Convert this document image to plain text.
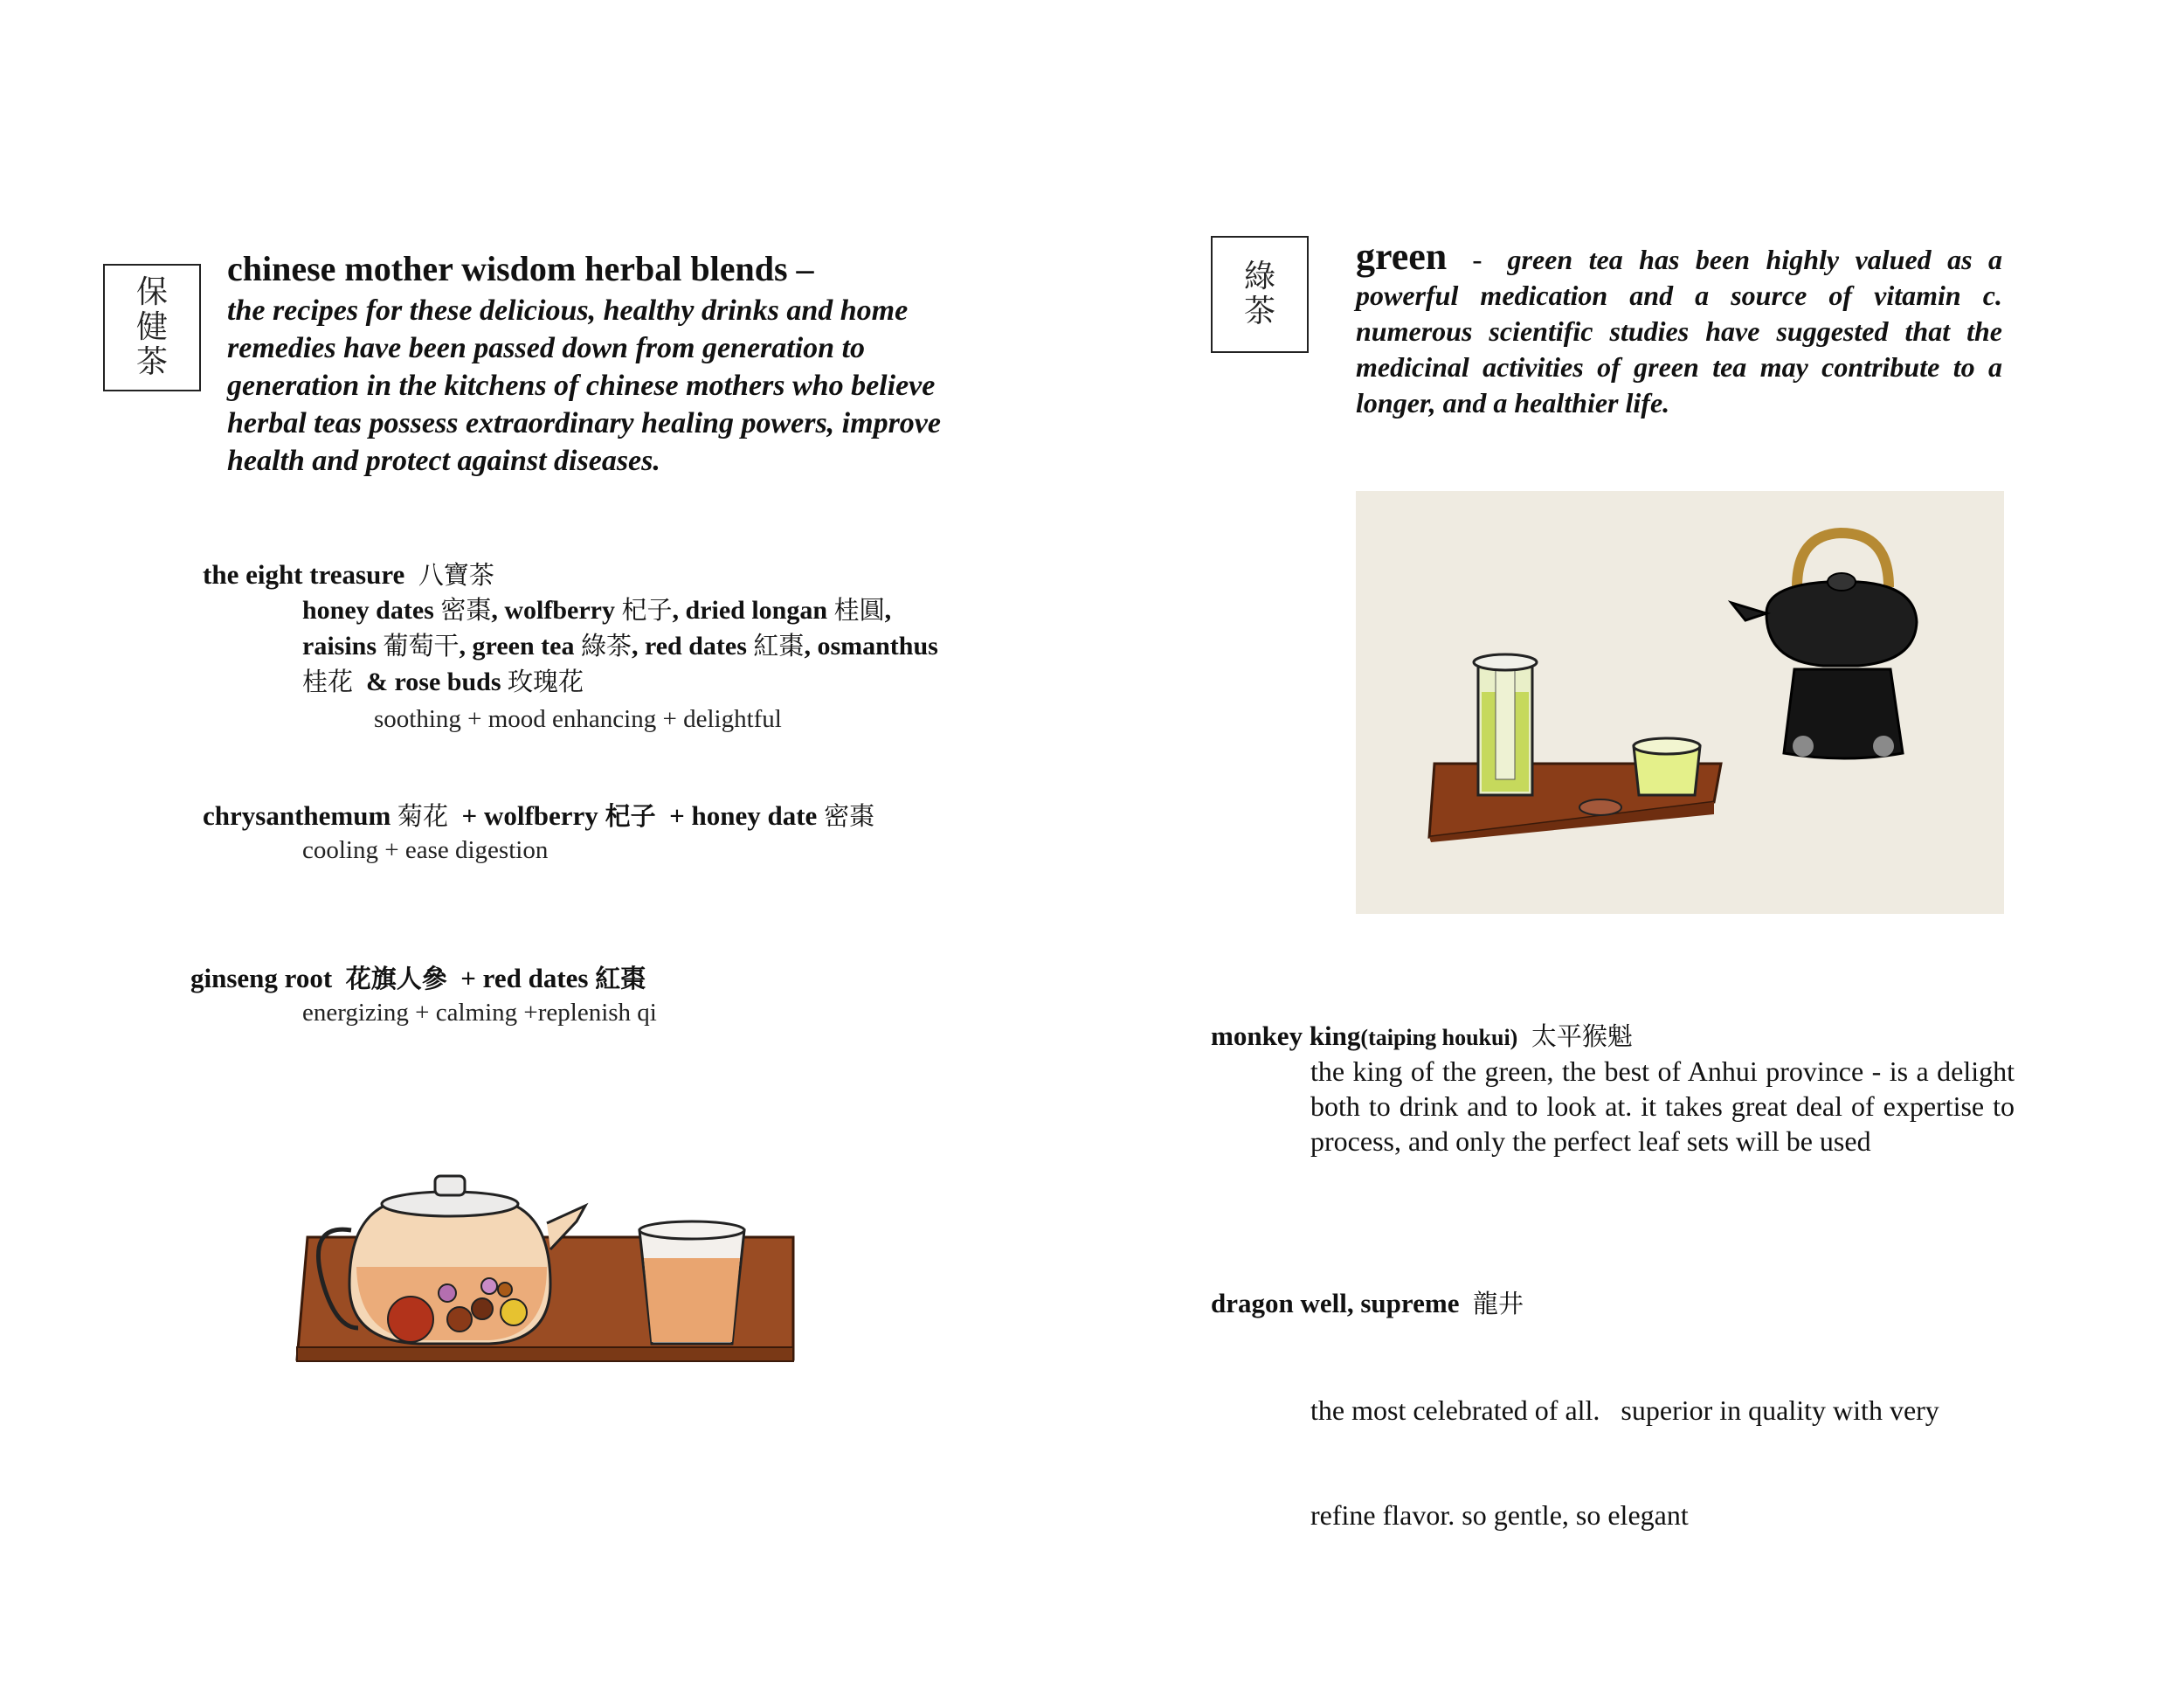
保
健
茶
chinese mother wisdom herbal blends –
the recipes for these delicious, healthy drinks and home remedies have been passed down from generation to generation in the kitchens of chinese mothers who believe herbal teas possess extraordinary healing powers, improve health and protect against diseases.
the eight treasure 八寶茶
honey dates 密棗, wolfberry 杞子, dried longan 桂圓,
raisins 葡萄干, green tea 綠茶, red dates 紅棗, osmanthus
桂花 & rose buds 玫瑰花
soothing + mood enhancing + delightful
chrysanthemum 菊花 + wolfberry 杞子 + honey date 密棗
cooling + ease digestion
ginseng root 花旗人參 + red dates 紅棗
energizing + calming +replenish qi
綠
茶
green - green tea has been highly valued as a powerful medication and a source of vitamin c. numerous scientific studies have suggested that the medicinal activities of green tea may contribute to a longer, and a healthier life.
monkey king(taiping houkui) 太平猴魁
the king of the green, the best of Anhui province - is a delight both to drink and to look at. it takes great deal of expertise to process, and only the perfect leaf sets will be used
dragon well, supreme 龍井

the most celebrated of all.   superior in quality with very

refine flavor. so gentle, so elegant
